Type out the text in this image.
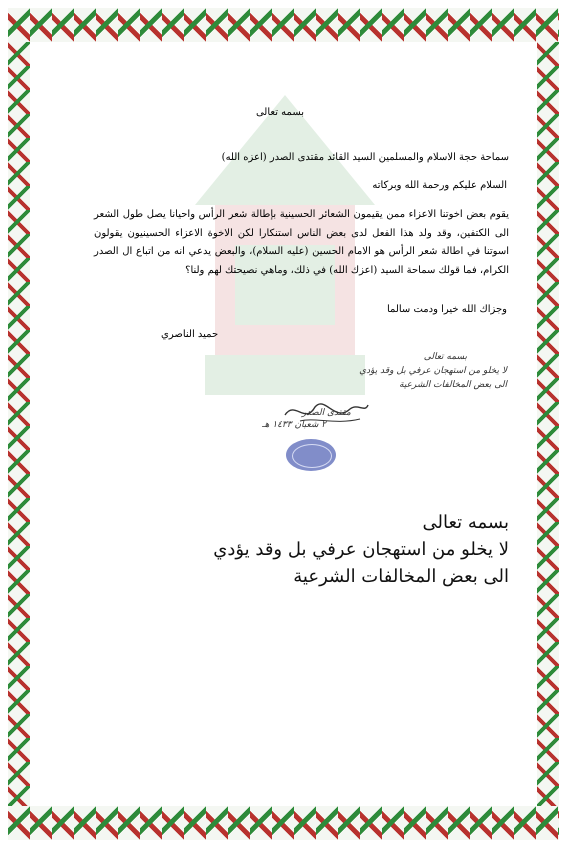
بسمه تعالى
سماحة حجة الاسلام والمسلمين السيد القائد مقتدى الصدر (اعزه الله)
السلام عليكم ورحمة الله وبركاته
يقوم بعض اخوتنا الاعزاء ممن يقيمون الشعائر الحسينية بإطالة شعر الرأس واحيانا يصل طول الشعر الى الكتفين، وقد ولد هذا الفعل لدى بعض الناس استنكارا لكن الاخوة الاعزاء الحسينيون يقولون اسوتنا في اطالة شعر الرأس هو الامام الحسين (عليه السلام)، والبعض يدعي انه من اتباع ال الصدر الكرام، فما قولك سماحة السيد (اعزك الله) في ذلك، وماهي نصيحتك لهم ولنا؟
وجزاك الله خيرا ودمت سالما
حميد الناصري
بسمه تعالى
لا يخلو من استهجان عرفي بل وقد يؤدي
الى بعض المخالفات الشرعية
مقتدى الصدر
٢ شعبان ١٤٣٣ هـ
بسمه تعالى
لا يخلو من استهجان عرفي بل وقد يؤدي
الى بعض المخالفات الشرعية
